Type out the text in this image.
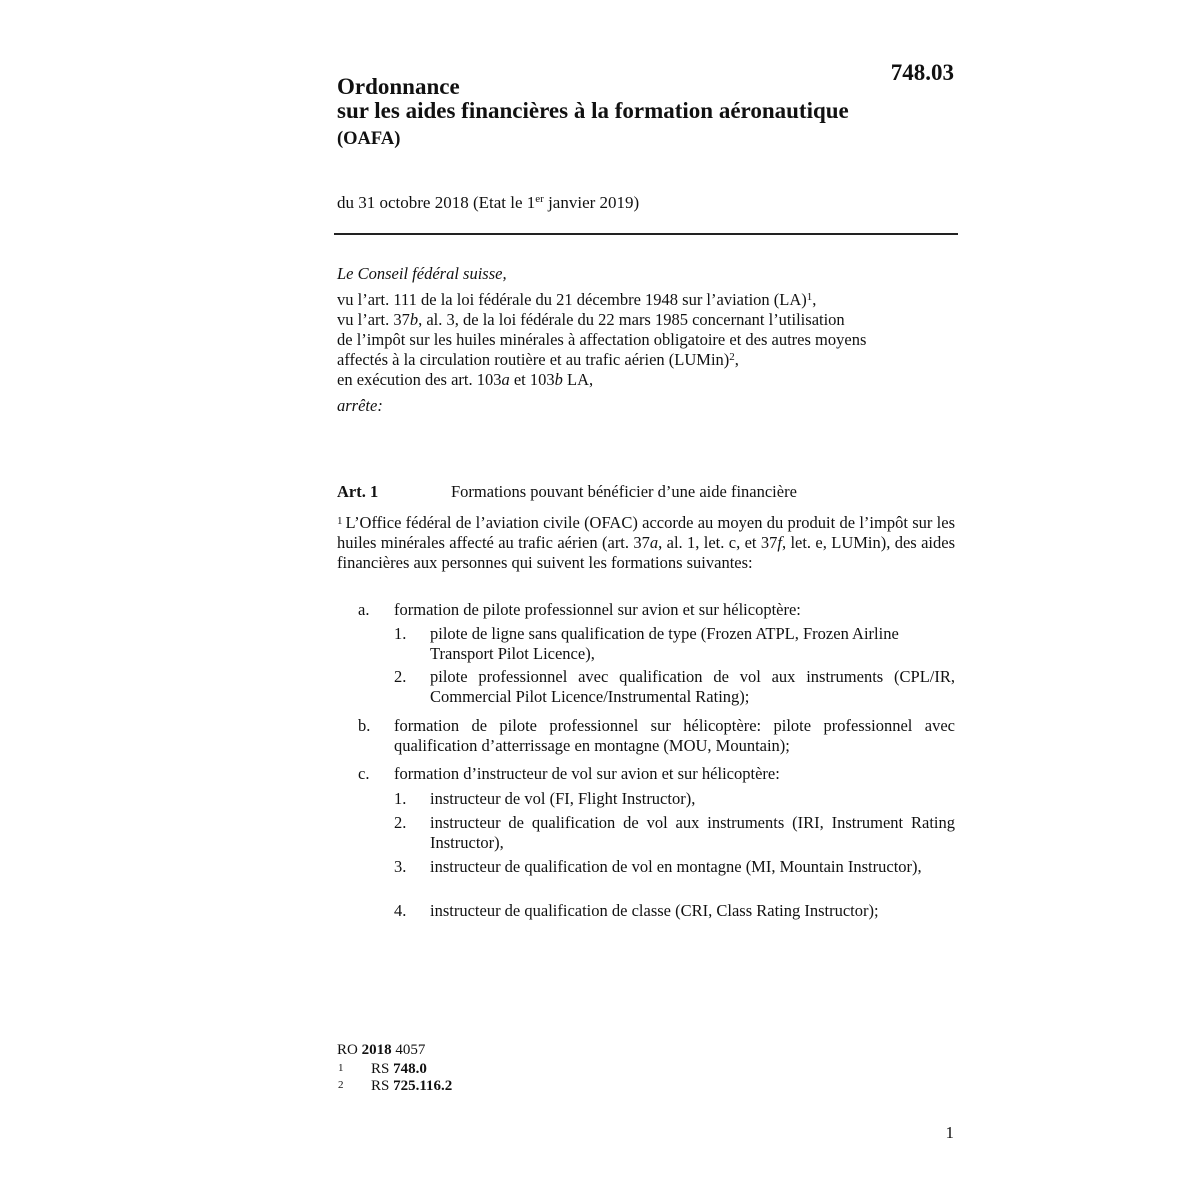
748.03
Ordonnance
sur les aides financières à la formation aéronautique
(OAFA)
du 31 octobre 2018 (Etat le 1er janvier 2019)
Le Conseil fédéral suisse,
vu l’art. 111 de la loi fédérale du 21 décembre 1948 sur l’aviation (LA)$^1$,
vu l’art. 37b, al. 3, de la loi fédérale du 22 mars 1985 concernant l’utilisation
de l’impôt sur les huiles minérales à affectation obligatoire et des autres moyens
affectés à la circulation routière et au trafic aérien (LUMin)$^2$,
en exécution des art. 103a et 103b LA,
arrête:
Art. 1	Formations pouvant bénéficier d’une aide financière
$^1$ L’Office fédéral de l’aviation civile (OFAC) accorde au moyen du produit de l’impôt sur les huiles minérales affecté au trafic aérien (art. 37a, al. 1, let. c, et 37f, let. e, LUMin), des aides financières aux personnes qui suivent les formations suivantes:
a. formation de pilote professionnel sur avion et sur hélicoptère:
1. pilote de ligne sans qualification de type (Frozen ATPL, Frozen Airline Transport Pilot Licence),
2. pilote professionnel avec qualification de vol aux instruments (CPL/IR, Commercial Pilot Licence/Instrumental Rating);
b. formation de pilote professionnel sur hélicoptère: pilote professionnel avec qualification d’atterrissage en montagne (MOU, Mountain);
c. formation d’instructeur de vol sur avion et sur hélicoptère:
1. instructeur de vol (FI, Flight Instructor),
2. instructeur de qualification de vol aux instruments (IRI, Instrument Rating Instructor),
3. instructeur de qualification de vol en montagne (MI, Mountain Instructor),
4. instructeur de qualification de classe (CRI, Class Rating Instructor);
RO 2018 4057
1 RS 748.0
2 RS 725.116.2
1
